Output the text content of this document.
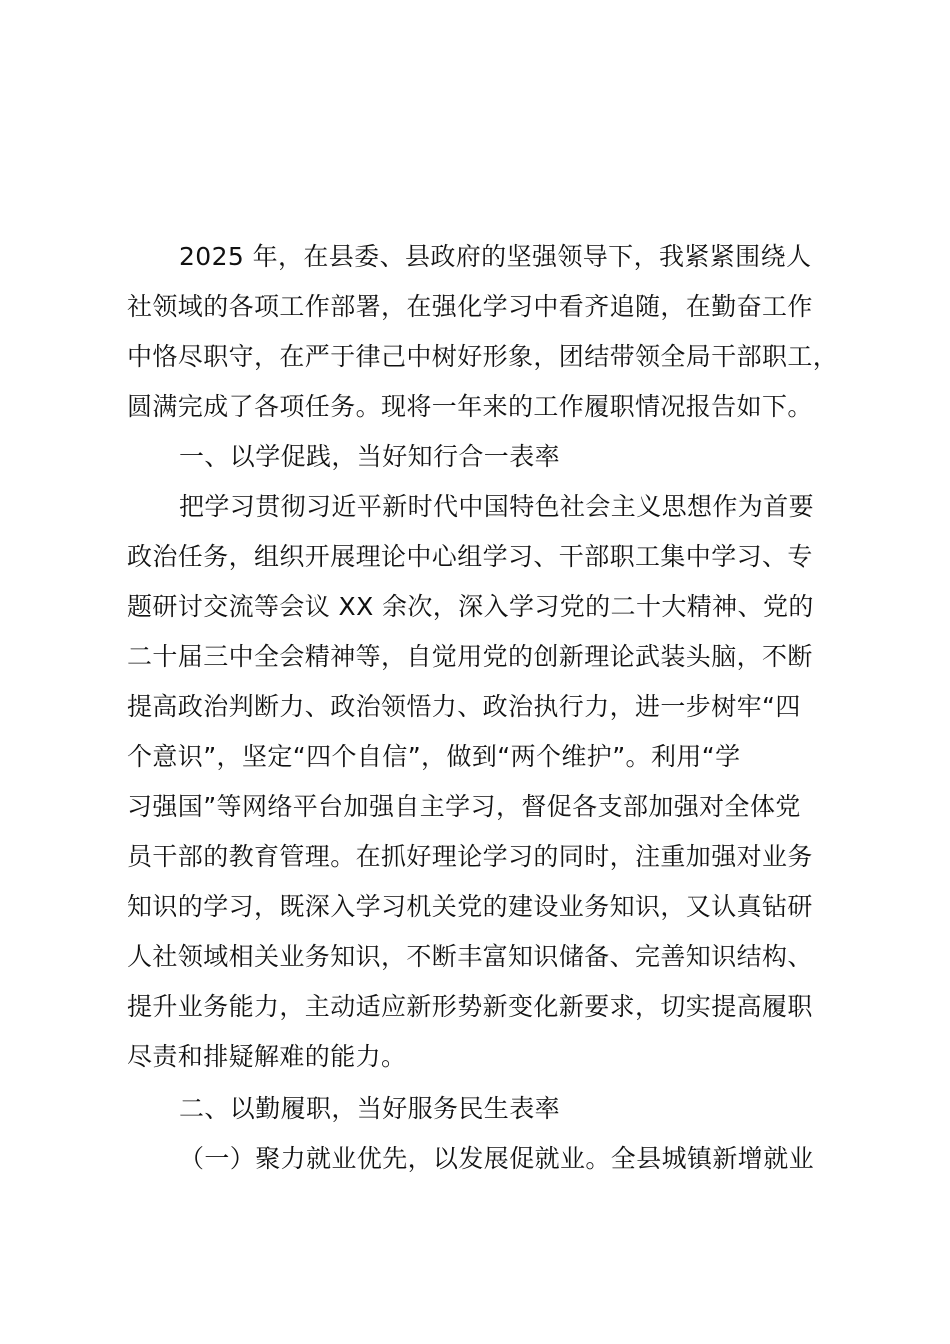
2025 年，在县委、县政府的坚强领导下，我紧紧围绕人
社领域的各项工作部署，在强化学习中看齐追随，在勤奋工作
中恪尽职守，在严于律己中树好形象，团结带领全局干部职工，
圆满完成了各项任务。现将一年来的工作履职情况报告如下。
一、以学促践，当好知行合一表率
把学习贯彻习近平新时代中国特色社会主义思想作为首要
政治任务，组织开展理论中心组学习、干部职工集中学习、专
题研讨交流等会议 XX 余次，深入学习党的二十大精神、党的
二十届三中全会精神等，自觉用党的创新理论武装头脑，不断
提高政治判断力、政治领悟力、政治执行力，进一步树牢“四
个意识”，坚定“四个自信”，做到“两个维护”。利用“学
习强国”等网络平台加强自主学习，督促各支部加强对全体党
员干部的教育管理。在抓好理论学习的同时，注重加强对业务
知识的学习，既深入学习机关党的建设业务知识，又认真钻研
人社领域相关业务知识，不断丰富知识储备、完善知识结构、
提升业务能力，主动适应新形势新变化新要求，切实提高履职
尽责和排疑解难的能力。
二、以勤履职，当好服务民生表率
（一）聚力就业优先，以发展促就业。全县城镇新增就业
